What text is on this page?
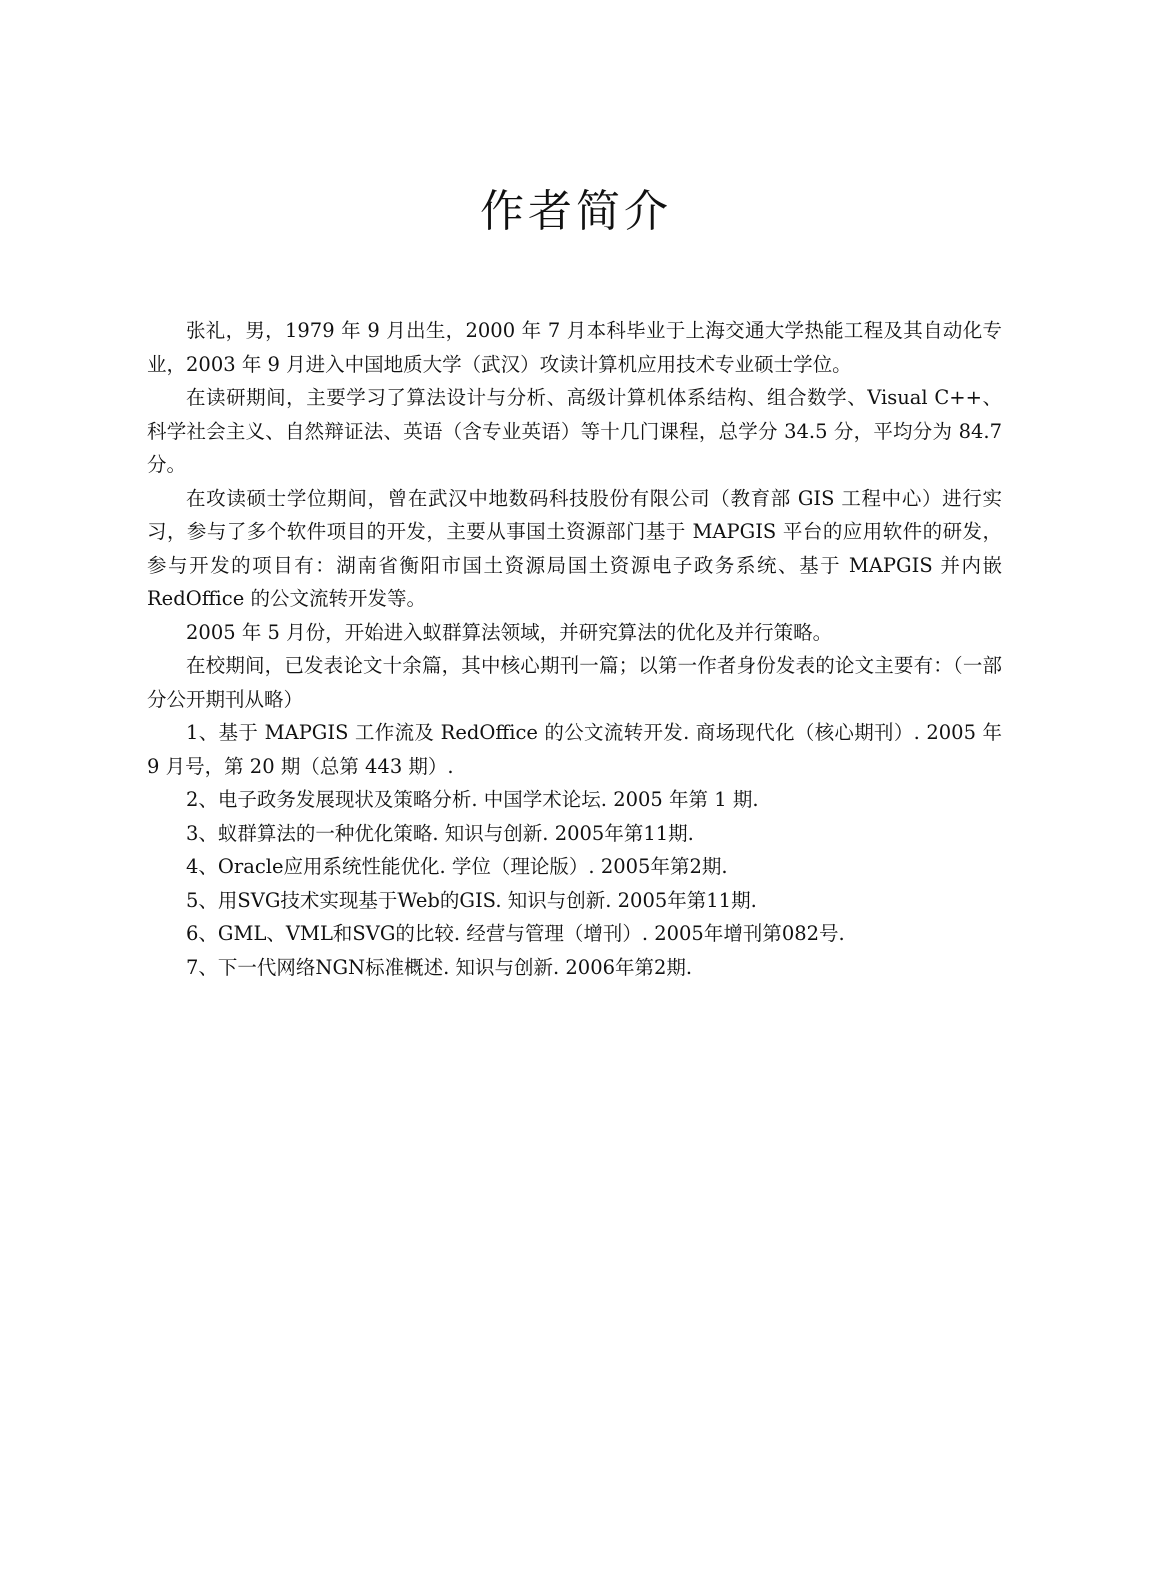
作者简介

张礼，男，1979 年 9 月出生，2000 年 7 月本科毕业于上海交通大学热能工程及其自动化专业，2003 年 9 月进入中国地质大学（武汉）攻读计算机应用技术专业硕士学位。

在读研期间，主要学习了算法设计与分析、高级计算机体系结构、组合数学、Visual C++、科学社会主义、自然辩证法、英语（含专业英语）等十几门课程，总学分 34.5 分，平均分为 84.7 分。

在攻读硕士学位期间，曾在武汉中地数码科技股份有限公司（教育部 GIS 工程中心）进行实习，参与了多个软件项目的开发，主要从事国土资源部门基于 MAPGIS 平台的应用软件的研发，参与开发的项目有：湖南省衡阳市国土资源局国土资源电子政务系统、基于 MAPGIS 并内嵌 RedOffice 的公文流转开发等。

2005 年 5 月份，开始进入蚁群算法领域，并研究算法的优化及并行策略。

在校期间，已发表论文十余篇，其中核心期刊一篇；以第一作者身份发表的论文主要有：（一部分公开期刊从略）

1、基于 MAPGIS 工作流及 RedOffice 的公文流转开发. 商场现代化（核心期刊）. 2005 年 9 月号，第 20 期（总第 443 期）.
2、电子政务发展现状及策略分析. 中国学术论坛. 2005 年第 1 期.
3、蚁群算法的一种优化策略. 知识与创新. 2005年第11期.
4、Oracle应用系统性能优化. 学位（理论版）. 2005年第2期.
5、用SVG技术实现基于Web的GIS. 知识与创新. 2005年第11期.
6、GML、VML和SVG的比较. 经营与管理（增刊）. 2005年增刊第082号.
7、下一代网络NGN标准概述. 知识与创新. 2006年第2期.
